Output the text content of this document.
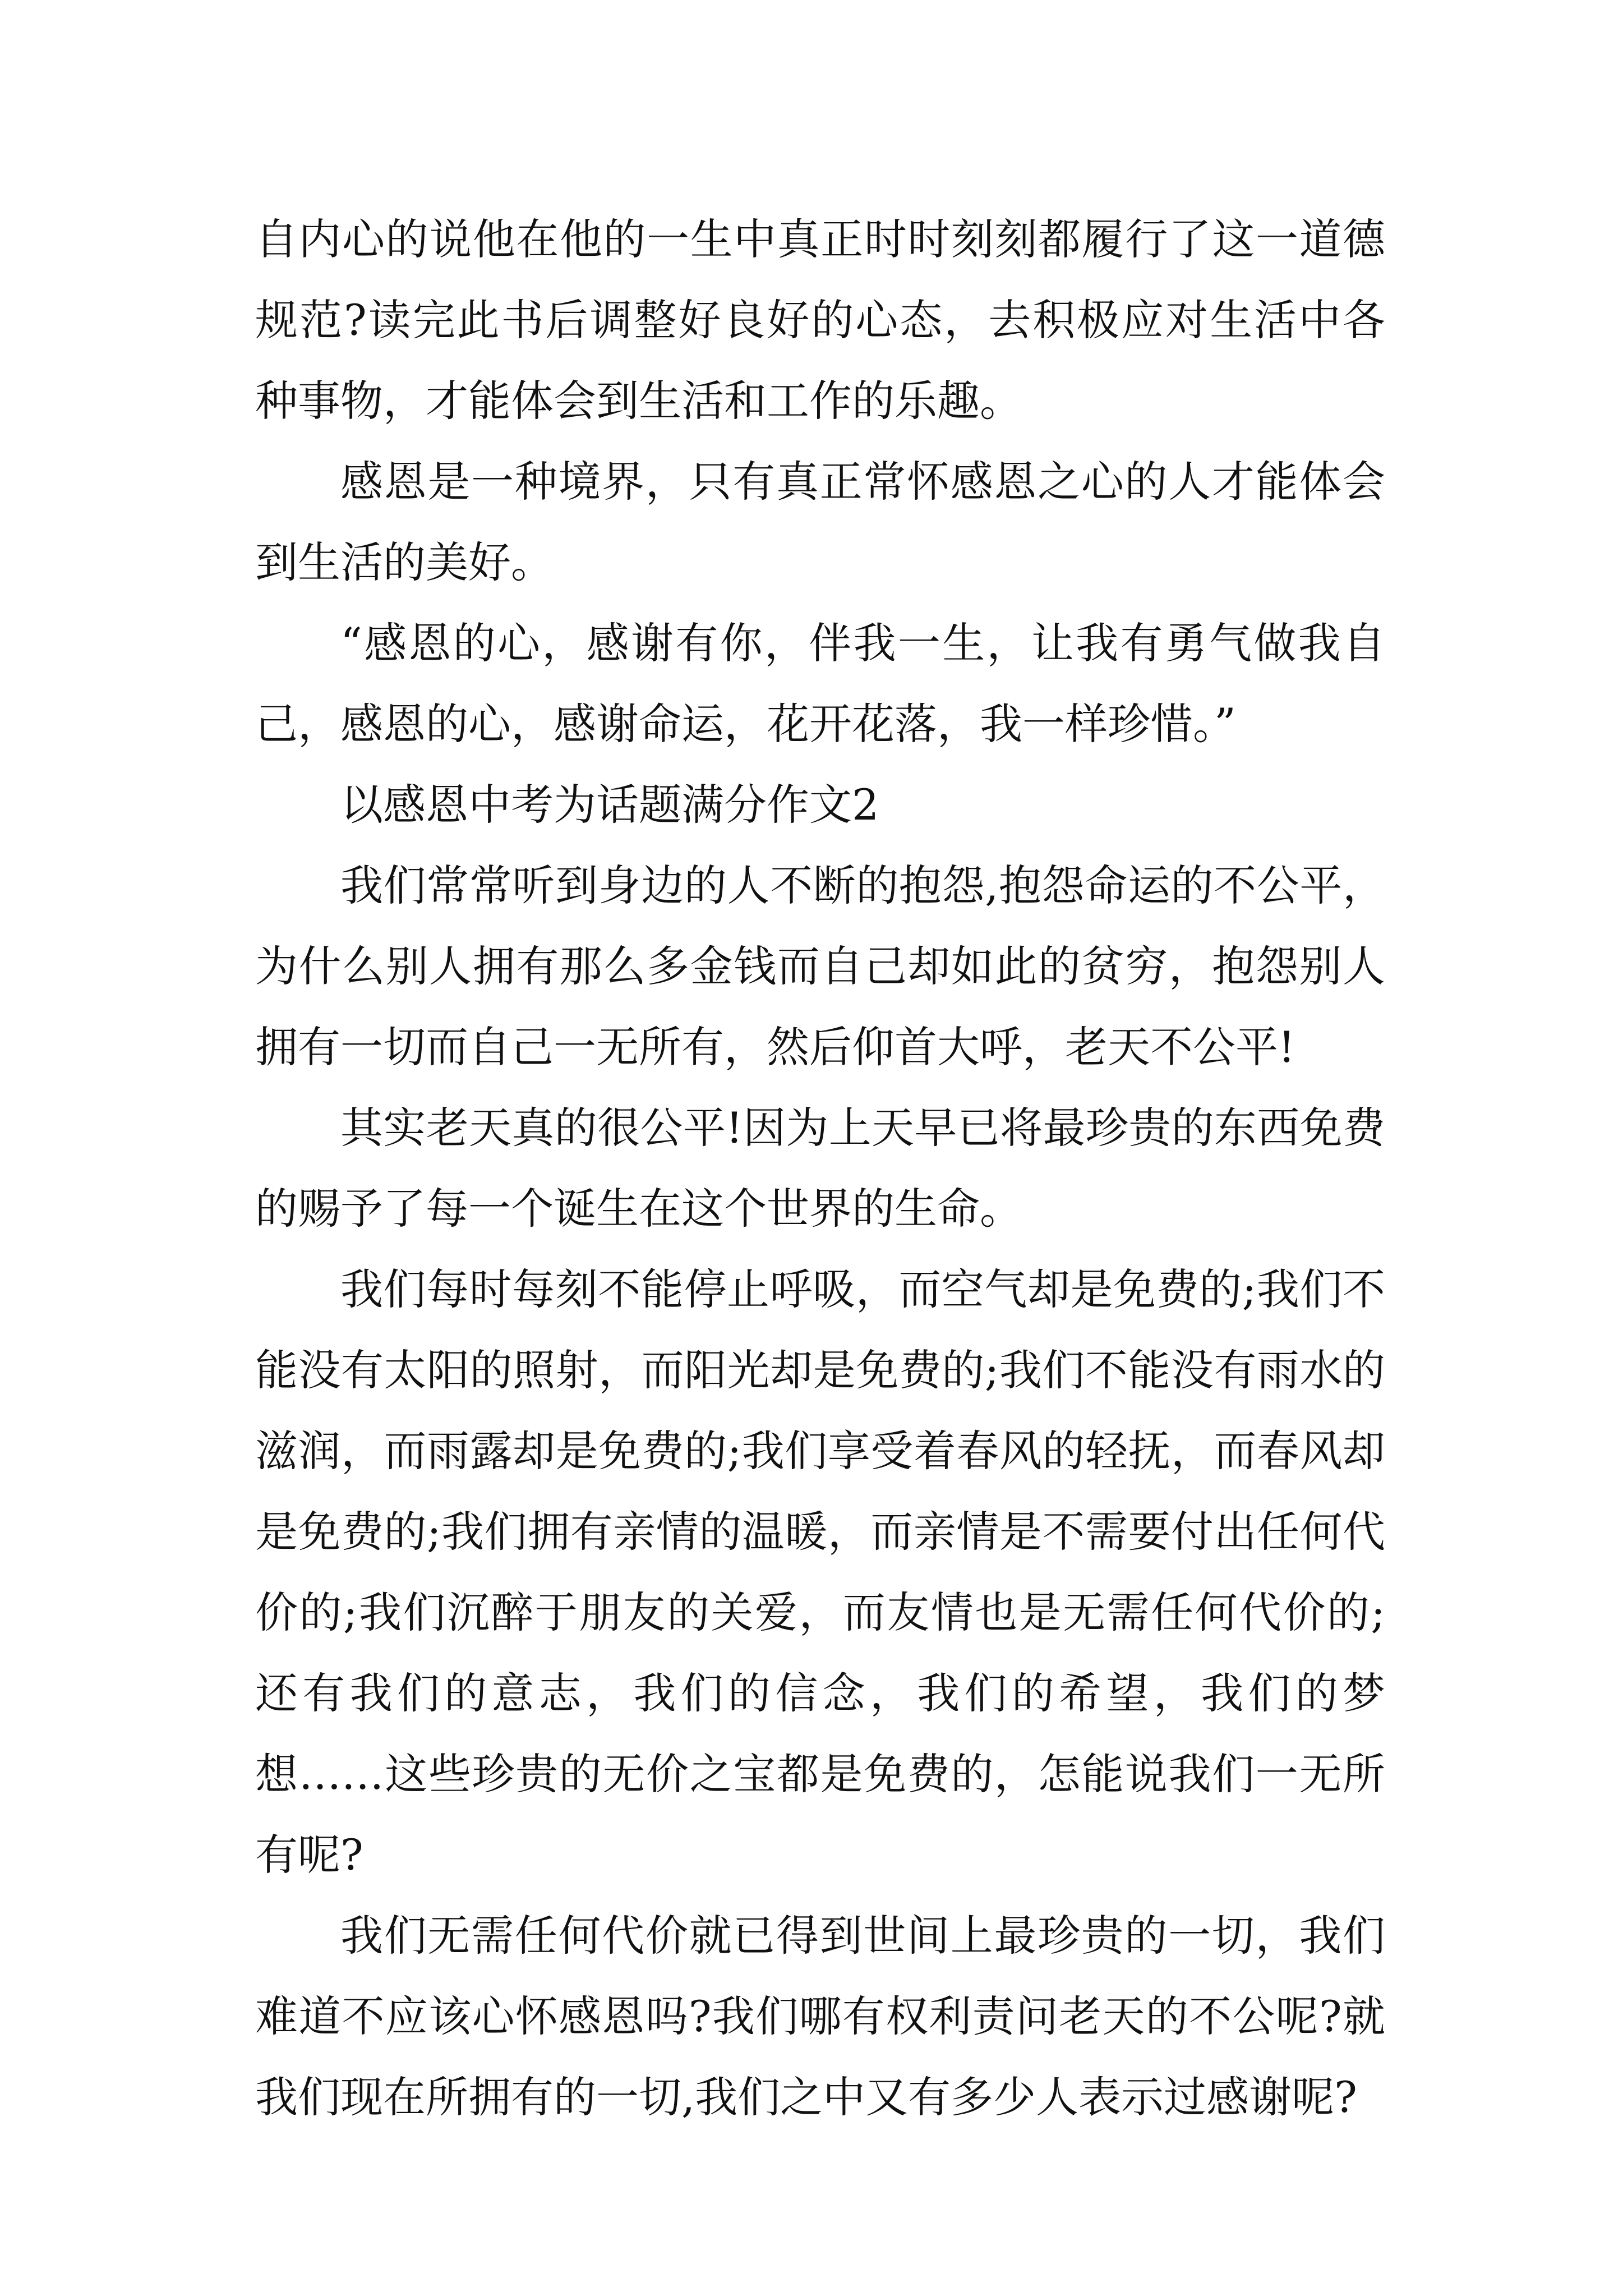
自内心的说他在他的一生中真正时时刻刻都履行了这一道德规范?读完此书后调整好良好的心态，去积极应对生活中各种事物，才能体会到生活和工作的乐趣。

感恩是一种境界，只有真正常怀感恩之心的人才能体会到生活的美好。

“感恩的心，感谢有你，伴我一生，让我有勇气做我自己，感恩的心，感谢命运，花开花落，我一样珍惜。”

以感恩中考为话题满分作文2

我们常常听到身边的人不断的抱怨,抱怨命运的不公平，为什么别人拥有那么多金钱而自己却如此的贫穷，抱怨别人拥有一切而自己一无所有，然后仰首大呼，老天不公平!

其实老天真的很公平!因为上天早已将最珍贵的东西免费的赐予了每一个诞生在这个世界的生命。

我们每时每刻不能停止呼吸，而空气却是免费的;我们不能没有太阳的照射，而阳光却是免费的;我们不能没有雨水的滋润，而雨露却是免费的;我们享受着春风的轻抚，而春风却是免费的;我们拥有亲情的温暖，而亲情是不需要付出任何代价的;我们沉醉于朋友的关爱，而友情也是无需任何代价的;还有我们的意志，我们的信念，我们的希望，我们的梦想……这些珍贵的无价之宝都是免费的，怎能说我们一无所有呢?

我们无需任何代价就已得到世间上最珍贵的一切，我们难道不应该心怀感恩吗?我们哪有权利责问老天的不公呢?就我们现在所拥有的一切,我们之中又有多少人表示过感谢呢?
